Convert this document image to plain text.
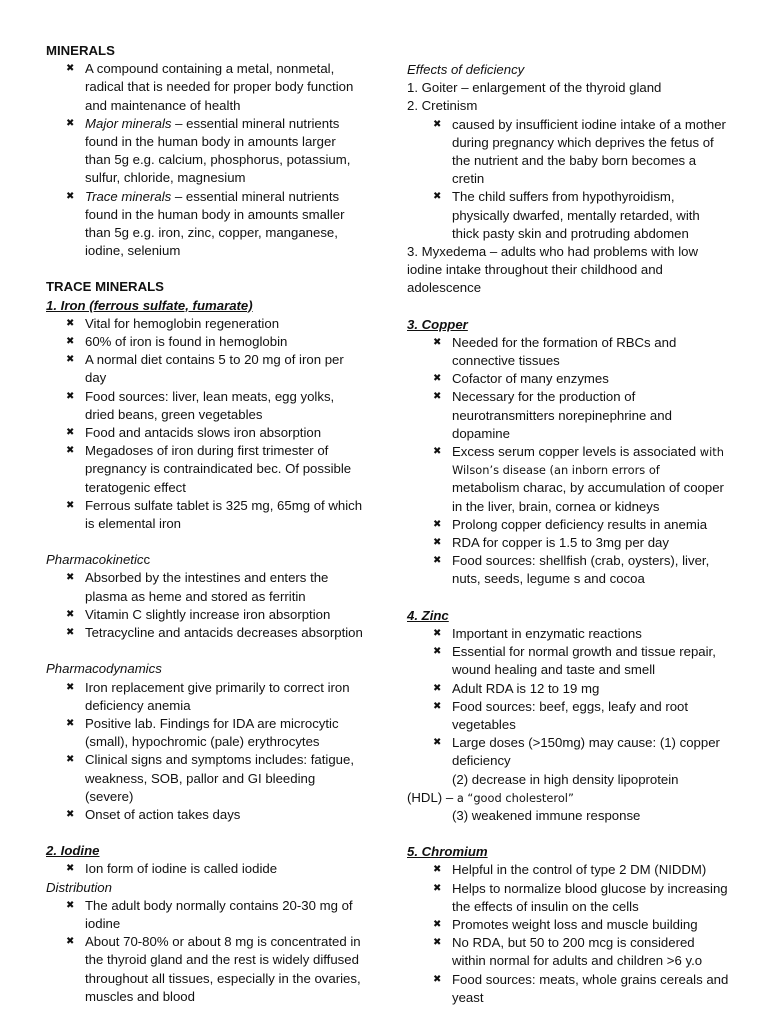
MINERALS

✖ A compound containing a metal, nonmetal, radical that is needed for proper body function and maintenance of health
✖ Major minerals – essential mineral nutrients found in the human body in amounts larger than 5g e.g. calcium, phosphorus, potassium, sulfur, chloride, magnesium
✖ Trace minerals – essential mineral nutrients found in the human body in amounts smaller than 5g e.g. iron, zinc, copper, manganese, iodine, selenium

TRACE MINERALS

1. Iron (ferrous sulfate, fumarate)

✖ Vital for hemoglobin regeneration
✖ 60% of iron is found in hemoglobin
✖ A normal diet contains 5 to 20 mg of iron per day
✖ Food sources: liver, lean meats, egg yolks, dried beans, green vegetables
✖ Food and antacids slows iron absorption
✖ Megadoses of iron during first trimester of pregnancy is contraindicated bec. Of possible teratogenic effect
✖ Ferrous sulfate tablet is 325 mg, 65mg of which is elemental iron

Pharmacokineticc

✖ Absorbed by the intestines and enters the plasma as heme and stored as ferritin
✖ Vitamin C slightly increase iron absorption
✖ Tetracycline and antacids decreases absorption

Pharmacodynamics

✖ Iron replacement give primarily to correct iron deficiency anemia
✖ Positive lab. Findings for IDA are microcytic (small), hypochromic (pale) erythrocytes
✖ Clinical signs and symptoms includes: fatigue, weakness, SOB, pallor and GI bleeding (severe)
✖ Onset of action takes days

2. Iodine

✖ Ion form of iodine is called iodide

Distribution

✖ The adult body normally contains 20-30 mg of iodine
✖ About 70-80% or about 8 mg is concentrated in the thyroid gland and the rest is widely diffused throughout all tissues, especially in the ovaries, muscles and blood

Effects of deficiency

1. Goiter – enlargement of the thyroid gland

2. Cretinism

✖ caused by insufficient iodine intake of a mother during pregnancy which deprives the fetus of the nutrient and the baby born becomes a cretin
✖ The child suffers from hypothyroidism, physically dwarfed, mentally retarded, with thick pasty skin and protruding abdomen

3. Myxedema – adults who had problems with low iodine intake throughout their childhood and adolescence

3. Copper

✖ Needed for the formation of RBCs and connective tissues
✖ Cofactor of many enzymes
✖ Necessary for the production of neurotransmitters norepinephrine and dopamine
✖ Excess serum copper levels is associated with Wilson’s disease (an inborn errors of metabolism charac, by accumulation of cooper in the liver, brain, cornea or kidneys
✖ Prolong copper deficiency results in anemia
✖ RDA for copper is 1.5 to 3mg per day
✖ Food sources: shellfish (crab, oysters), liver, nuts, seeds, legume s and cocoa

4. Zinc

✖ Important in enzymatic reactions
✖ Essential for normal growth and tissue repair, wound healing and taste and smell
✖ Adult RDA is 12 to 19 mg
✖ Food sources: beef, eggs, leafy and root vegetables
✖ Large doses (>150mg) may cause: (1) copper deficiency

(2) decrease in high density lipoprotein

(HDL) – a “good cholesterol”

(3) weakened immune response

5. Chromium

✖ Helpful in the control of type 2 DM (NIDDM)
✖ Helps to normalize blood glucose by increasing the effects of insulin on the cells
✖ Promotes weight loss and muscle building
✖ No RDA, but 50 to 200 mcg is considered within normal for adults and children >6 y.o
✖ Food sources: meats, whole grains cereals and yeast
